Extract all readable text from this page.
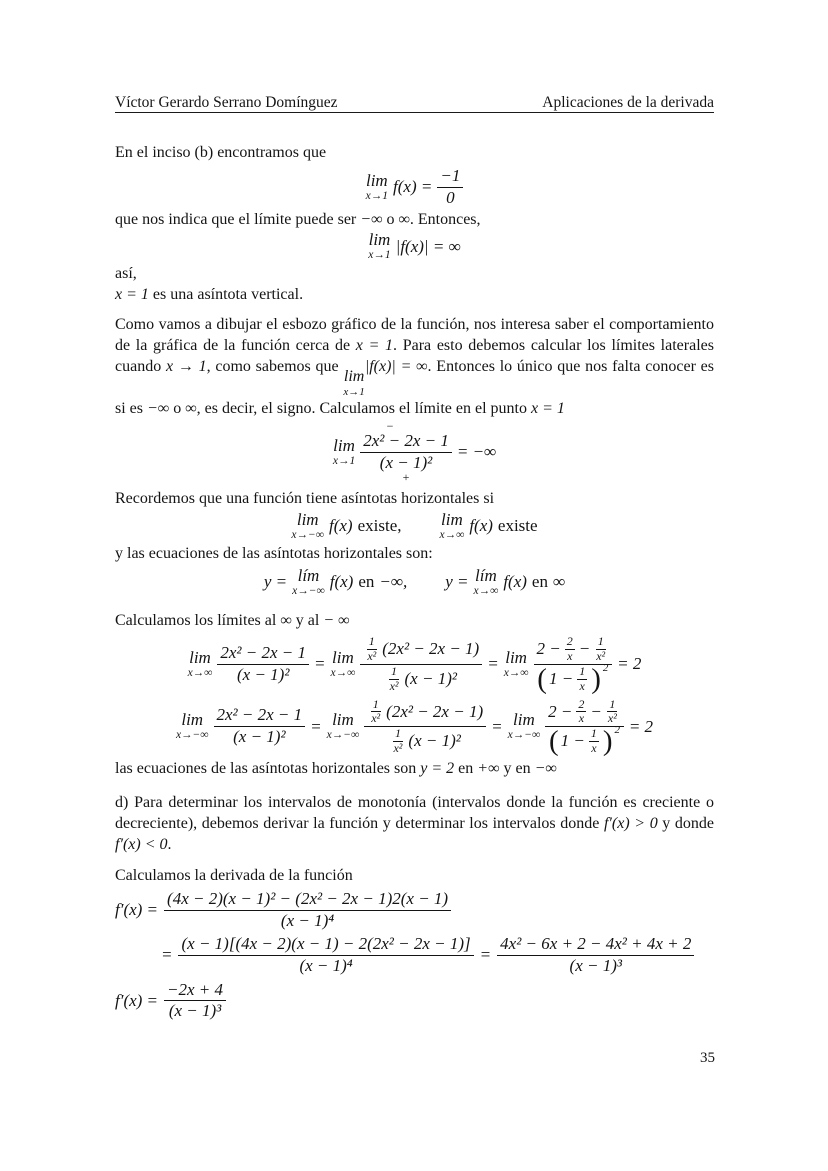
Víctor Gerardo Serrano Domínguez	Aplicaciones de la derivada

En el inciso (b) encontramos que

lim
x→1 $f(x) = \frac{-1}{0}$

que nos indica que el límite puede ser −∞ o ∞. Entonces,

lim
x→1 |f(x)| = ∞

así,

x = 1 es una asíntota vertical.

Como vamos a dibujar el esbozo gráfico de la función, nos interesa saber el comportamiento de la gráfica de la función cerca de x = 1. Para esto debemos calcular los límites laterales cuando x → 1, como sabemos que
lim
x→1
|f(x)| = ∞. Entonces lo único que nos falta conocer es si es −∞ o ∞, es decir, el signo. Calculamos el límite en el punto x = 1

lim
x→1
−
2x² − 2x − 1
(x − 1)²
+
= −∞

Recordemos que una función tiene asíntotas horizontales si

lim
x→−∞ f(x) existe, lim
x→∞ f(x) existe

y las ecuaciones de las asíntotas horizontales son:

y = lím
x→−∞ f(x) en −∞, y = lím
x→∞ f(x) en ∞

Calculamos los límites al ∞ y al − ∞

lim
$x\to\infty \frac{\text{2x² − 2x − 1}}{\text{(x − 1)²}} = \lim$
$x\to\infty \frac{\frac{1}{\text{x²}} (2x^2 - 2x - 1)}{\frac{1}{\text{x²}} (x - 1)^2} = \lim$
$x\to\infty \frac{2 - \frac{2}{x} - \frac{1}{\text{x²}}}{( 1 - \frac{1}{x} ) 2} = 2$
lim
$x\to-\infty \frac{\text{2x² − 2x − 1}}{\text{(x − 1)²}} = \lim$
$x\to-\infty \frac{\frac{1}{\text{x²}} (2x^2 - 2x - 1)}{\frac{1}{\text{x²}} (x - 1)^2} = \lim$
$x\to-\infty \frac{2 - \frac{2}{x} - \frac{1}{\text{x²}}}{( 1 - \frac{1}{x} ) 2} = 2$

las ecuaciones de las asíntotas horizontales son y = 2 en +∞ y en −∞

d) Para determinar los intervalos de monotonía (intervalos donde la función es creciente o decreciente), debemos derivar la función y determinar los intervalos donde f′(x) > 0 y donde f′(x) < 0.

Calculamos la derivada de la función

$f'(x) = \frac{\text{(4x − 2)(x − 1)² − (2x² − 2x − 1)2(x − 1)}}{\text{(x − 1)⁴}}$
= $\frac{\text{(x − 1)[(4x − 2)(x − 1) − 2(2x² − 2x − 1)]}}{\text{(x − 1)⁴}} = \frac{\text{4x² − 6x + 2 − 4x² + 4x + 2}}{\text{(x − 1)³}}$
$f'(x) = \frac{-2x + 4}{\text{(x − 1)³}}$
35
